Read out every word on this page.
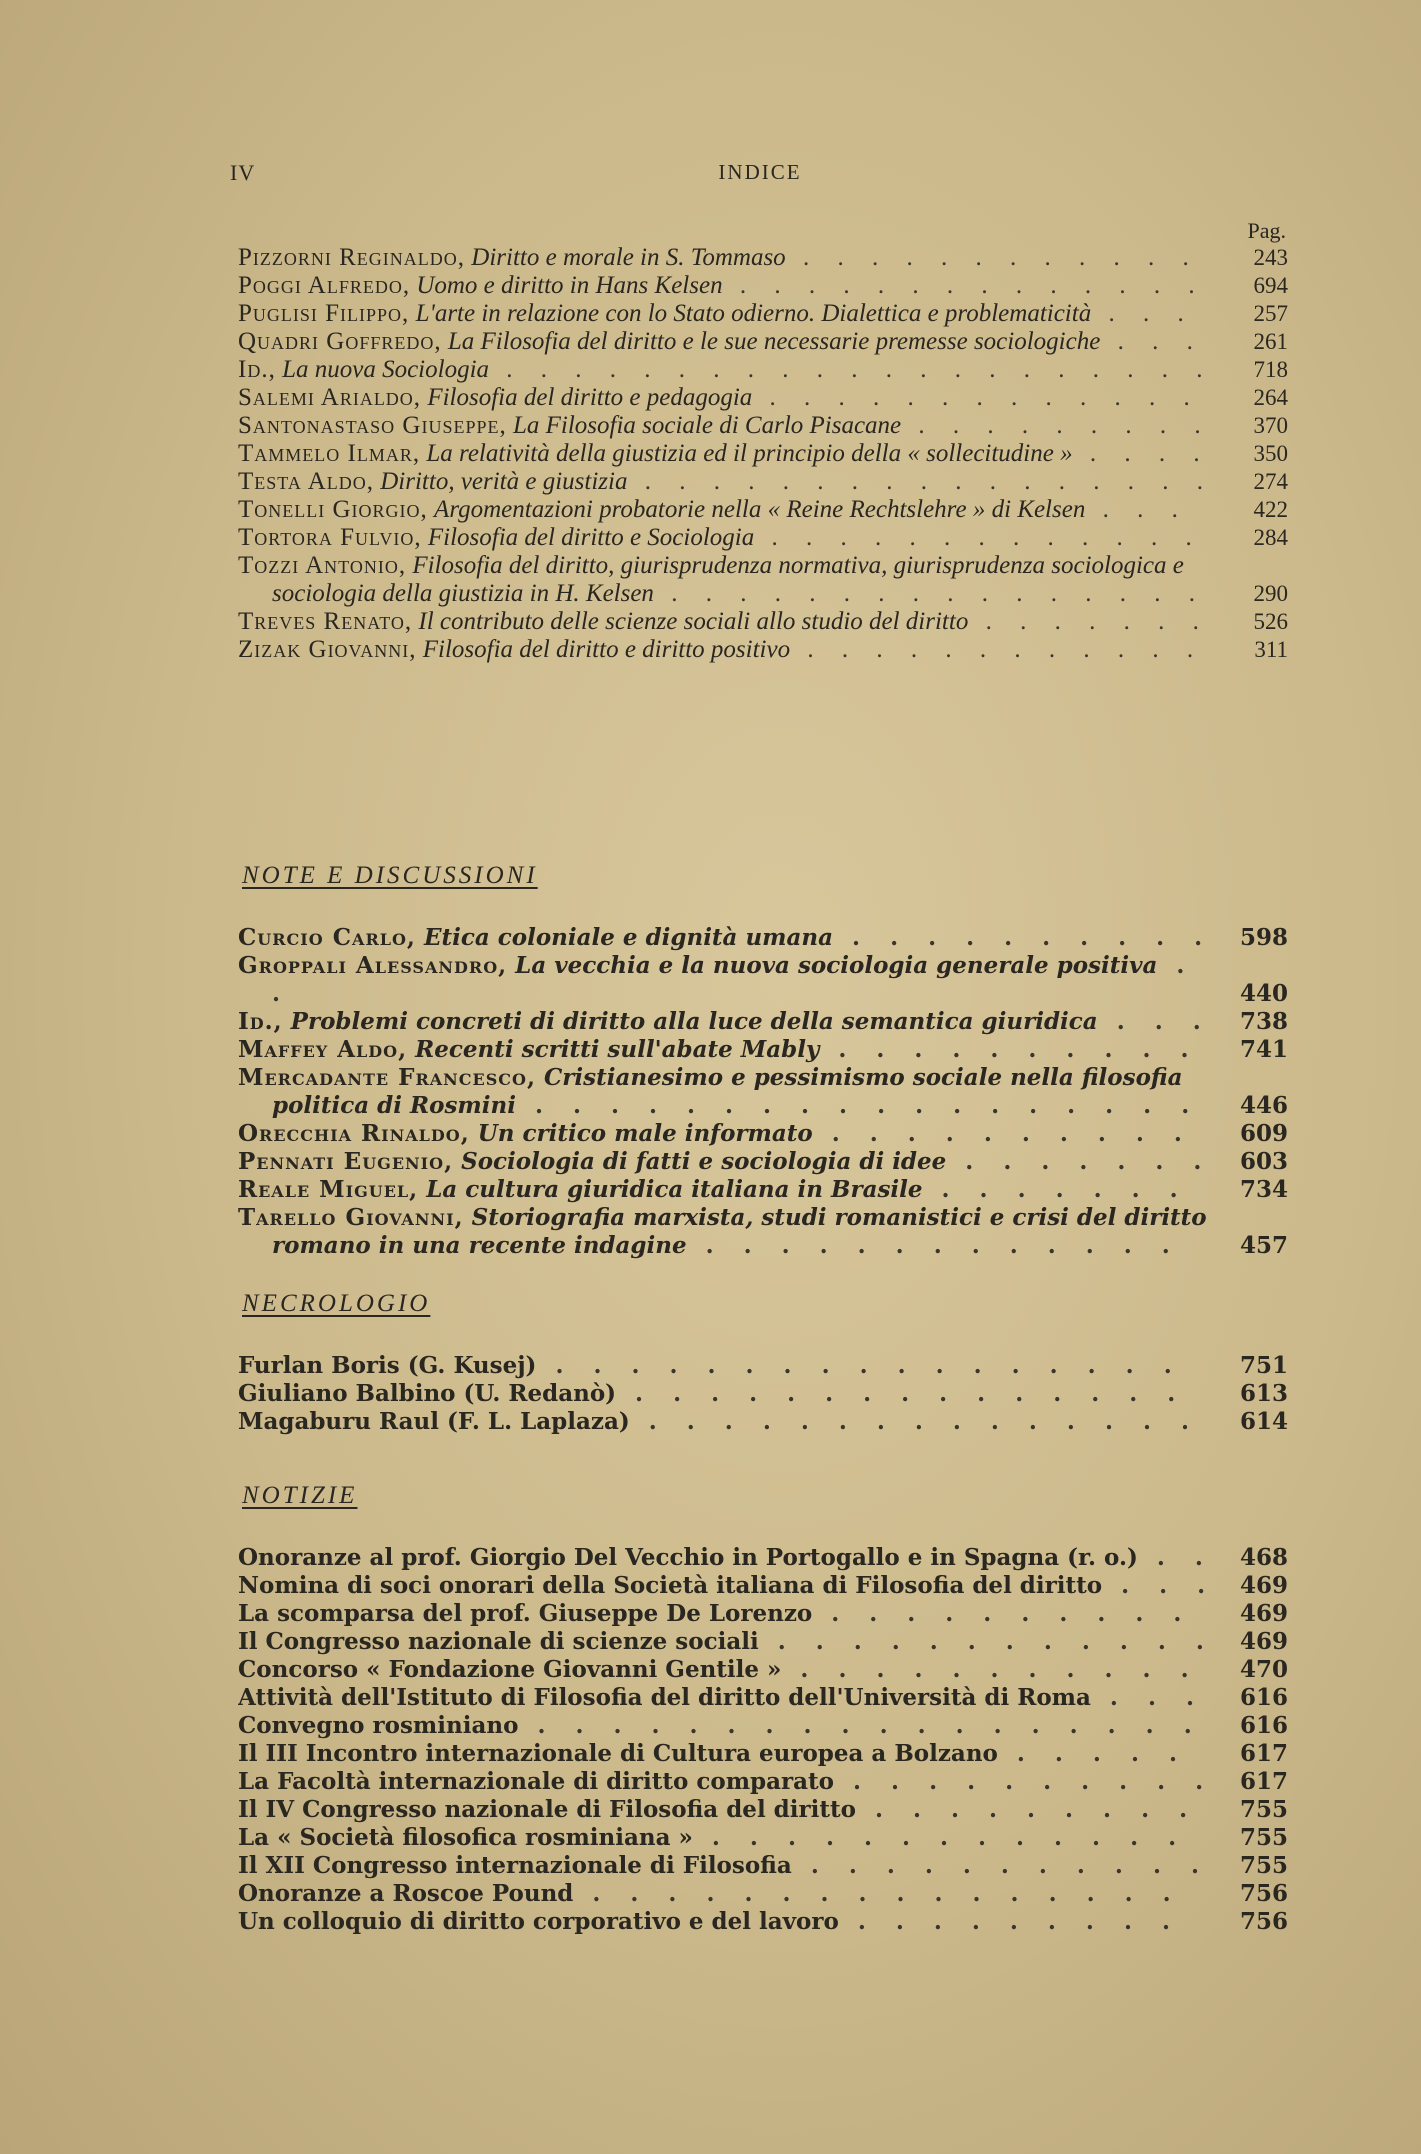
IV	INDICE
Pag.
Pizzorni Reginaldo, Diritto e morale in S. Tommaso . . . . . . . . . . . .	243
Poggi Alfredo, Uomo e diritto in Hans Kelsen . . . . . . . . . . . . . .	694
Puglisi Filippo, L'arte in relazione con lo Stato odierno. Dialettica e problematicità . . .	257
Quadri Goffredo, La Filosofia del diritto e le sue necessarie premesse sociologiche . . .	261
Id., La nuova Sociologia . . . . . . . . . . . . . . . . . . . . .	718
Salemi Arialdo, Filosofia del diritto e pedagogia . . . . . . . . . . . . .	264
Santonastaso Giuseppe, La Filosofia sociale di Carlo Pisacane . . . . . . . . .	370
Tammelo Ilmar, La relatività della giustizia ed il principio della « sollecitudine » . . . .	350
Testa Aldo, Diritto, verità e giustizia . . . . . . . . . . . . . . . . .	274
Tonelli Giorgio, Argomentazioni probatorie nella « Reine Rechtslehre » di Kelsen . . .	422
Tortora Fulvio, Filosofia del diritto e Sociologia . . . . . . . . . . . . .	284
Tozzi Antonio, Filosofia del diritto, giurisprudenza normativa, giurisprudenza sociologica e sociologia della giustizia in H. Kelsen . . . . . . . . . . . . . . . .	290
Treves Renato, Il contributo delle scienze sociali allo studio del diritto . . . . . . .	526
Zizak Giovanni, Filosofia del diritto e diritto positivo . . . . . . . . . . . .	311
NOTE E DISCUSSIONI
Curcio Carlo, Etica coloniale e dignità umana . . . . . . . . . .	598
Groppali Alessandro, La vecchia e la nuova sociologia generale positiva . .	440
Id., Problemi concreti di diritto alla luce della semantica giuridica . . .	738
Maffey Aldo, Recenti scritti sull'abate Mably . . . . . . . . . .	741
Mercadante Francesco, Cristianesimo e pessimismo sociale nella filosofia politica di Rosmini . . . . . . . . . . . . . . . . . .	446
Orecchia Rinaldo, Un critico male informato . . . . . . . . . .	609
Pennati Eugenio, Sociologia di fatti e sociologia di idee . . . . . . .	603
Reale Miguel, La cultura giuridica italiana in Brasile . . . . . . .	734
Tarello Giovanni, Storiografia marxista, studi romanistici e crisi del diritto romano in una recente indagine . . . . . . . . . . . . .	457
NECROLOGIO
Furlan Boris (G. Kusej) . . . . . . . . . . . . . . . . .	751
Giuliano Balbino (U. Redanò) . . . . . . . . . . . . . . .	613
Magaburu Raul (F. L. Laplaza) . . . . . . . . . . . . . . .	614
NOTIZIE
Onoranze al prof. Giorgio Del Vecchio in Portogallo e in Spagna (r. o.) . .	468
Nomina di soci onorari della Società italiana di Filosofia del diritto . . .	469
La scomparsa del prof. Giuseppe De Lorenzo . . . . . . . . . .	469
Il Congresso nazionale di scienze sociali . . . . . . . . . . . .	469
Concorso « Fondazione Giovanni Gentile » . . . . . . . . . . .	470
Attività dell'Istituto di Filosofia del diritto dell'Università di Roma . . .	616
Convegno rosminiano . . . . . . . . . . . . . . . . . .	616
Il III Incontro internazionale di Cultura europea a Bolzano . . . . .	617
La Facoltà internazionale di diritto comparato . . . . . . . . . .	617
Il IV Congresso nazionale di Filosofia del diritto . . . . . . . . .	755
La « Società filosofica rosminiana » . . . . . . . . . . . . .	755
Il XII Congresso internazionale di Filosofia . . . . . . . . . . .	755
Onoranze a Roscoe Pound . . . . . . . . . . . . . . . .	756
Un colloquio di diritto corporativo e del lavoro . . . . . . . . .	756
